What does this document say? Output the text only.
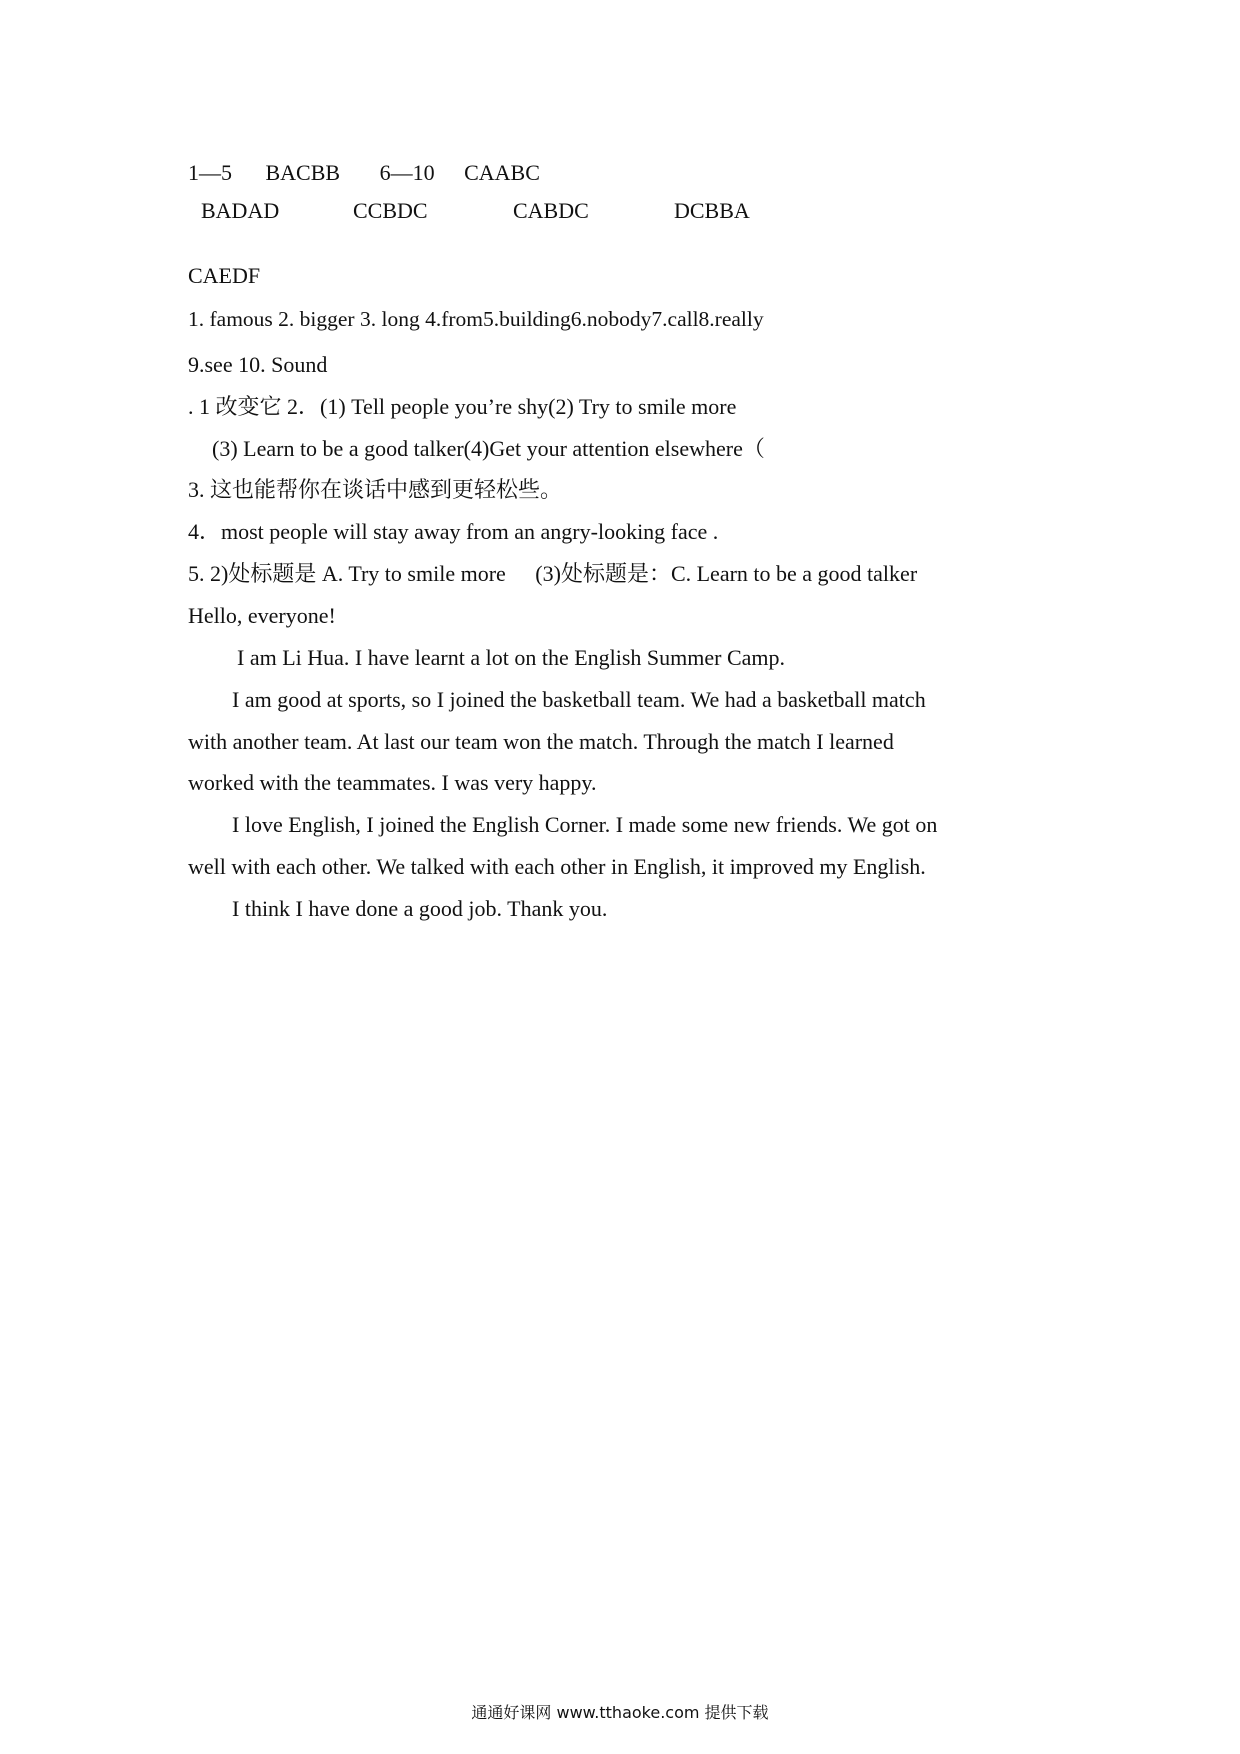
1—5 BACBB 6—10 CAABC
BADAD	CCBDC	CABDC	DCBBA
CAEDF
1. famous 2. bigger 3. long 4.from5.building6.nobody7.call8.really
9.see 10. Sound
. 1 改变它 2．(1) Tell people you’re shy(2) Try to smile more
(3) Learn to be a good talker(4)Get your attention elsewhere（
3. 这也能帮你在谈话中感到更轻松些。
4．most people will stay away from an angry-looking face .
5. 2)处标题是 A. Try to smile more (3)处标题是：C. Learn to be a good talker
Hello, everyone!
I am Li Hua. I have learnt a lot on the English Summer Camp.
I am good at sports, so I joined the basketball team. We had a basketball match
with another team. At last our team won the match. Through the match I learned
worked with the teammates. I was very happy.
I love English, I joined the English Corner. I made some new friends. We got on
well with each other. We talked with each other in English, it improved my English.
I think I have done a good job. Thank you.
通通好课网 www.tthaoke.com 提供下载
